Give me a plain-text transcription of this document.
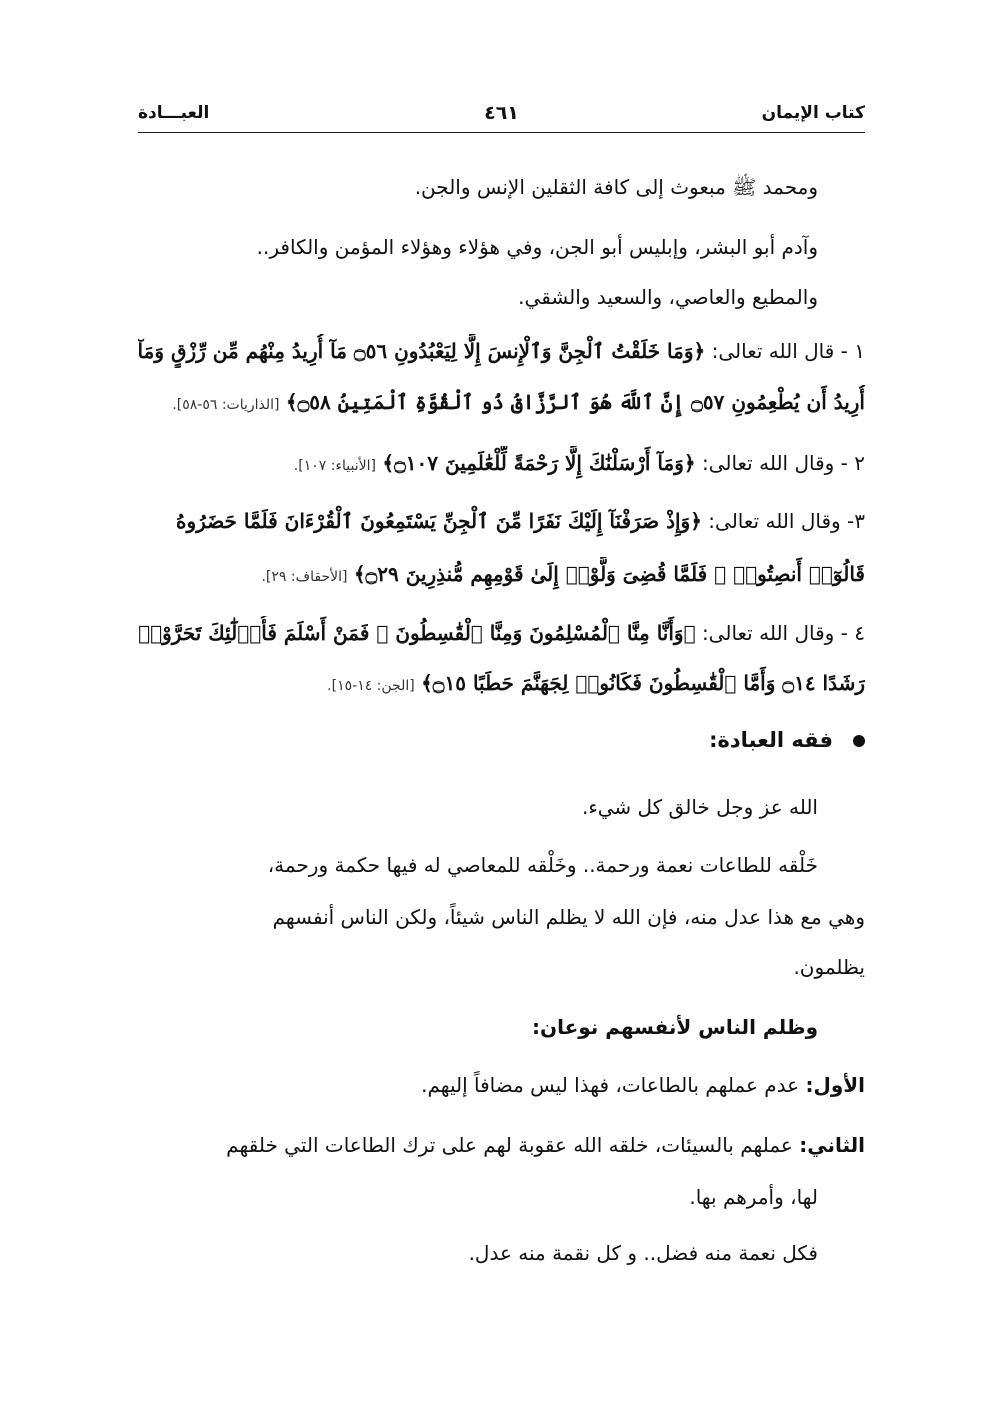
كتاب الإيمان
٤٦١
العبـــادة
ومحمد ﷺ مبعوث إلى كافة الثقلين الإنس والجن.
وآدم أبو البشر، وإبليس أبو الجن، وفي هؤلاء وهؤلاء المؤمن والكافر..
والمطيع والعاصي، والسعيد والشقي.
١ - قال الله تعالى: ﴿وَمَا خَلَقْتُ ٱلْجِنَّ وَٱلْإِنسَ إِلَّا لِيَعْبُدُونِ ۝٥٦ مَآ أُرِيدُ مِنْهُم مِّن رِّزْقٍ وَمَآ
أُرِيدُ أَن يُطْعِمُونِ ۝٥٧ إِنَّ ٱللَّهَ هُوَ ٱلرَّزَّاقُ ذُو ٱلْقُوَّةِ ٱلْمَتِينُ ۝٥٨﴾ [الذاريات: ٥٦-٥٨].
٢ - وقال الله تعالى: ﴿وَمَآ أَرْسَلْنَٰكَ إِلَّا رَحْمَةً لِّلْعَٰلَمِينَ ۝١٠٧﴾ [الأنبياء: ١٠٧].
٣- وقال الله تعالى: ﴿وَإِذْ صَرَفْنَآ إِلَيْكَ نَفَرًا مِّنَ ٱلْجِنِّ يَسْتَمِعُونَ ٱلْقُرْءَانَ فَلَمَّا حَضَرُوهُ
قَالُوٓا۟ أَنصِتُوا۟ ۖ فَلَمَّا قُضِىَ وَلَّوْا۟ إِلَىٰ قَوْمِهِم مُّنذِرِينَ ۝٢٩﴾ [الأحقاف: ٢٩].
٤ - وقال الله تعالى: ﴿وَأَنَّا مِنَّا ٱلْمُسْلِمُونَ وَمِنَّا ٱلْقَٰسِطُونَ ۖ فَمَنْ أَسْلَمَ فَأُو۟لَٰٓئِكَ تَحَرَّوْا۟
رَشَدًا ۝١٤ وَأَمَّا ٱلْقَٰسِطُونَ فَكَانُوا۟ لِجَهَنَّمَ حَطَبًا ۝١٥﴾ [الجن: ١٤-١٥].
فقه العبادة:
الله عز وجل خالق كل شيء.
خَلْقه للطاعات نعمة ورحمة.. وخَلْقه للمعاصي له فيها حكمة ورحمة،
وهي مع هذا عدل منه، فإن الله لا يظلم الناس شيئاً، ولكن الناس أنفسهم
يظلمون.
وظلم الناس لأنفسهم نوعان:
الأول: عدم عملهم بالطاعات، فهذا ليس مضافاً إليهم.
الثاني: عملهم بالسيئات، خلقه الله عقوبة لهم على ترك الطاعات التي خلقهم
لها، وأمرهم بها.
فكل نعمة منه فضل.. و كل نقمة منه عدل.
